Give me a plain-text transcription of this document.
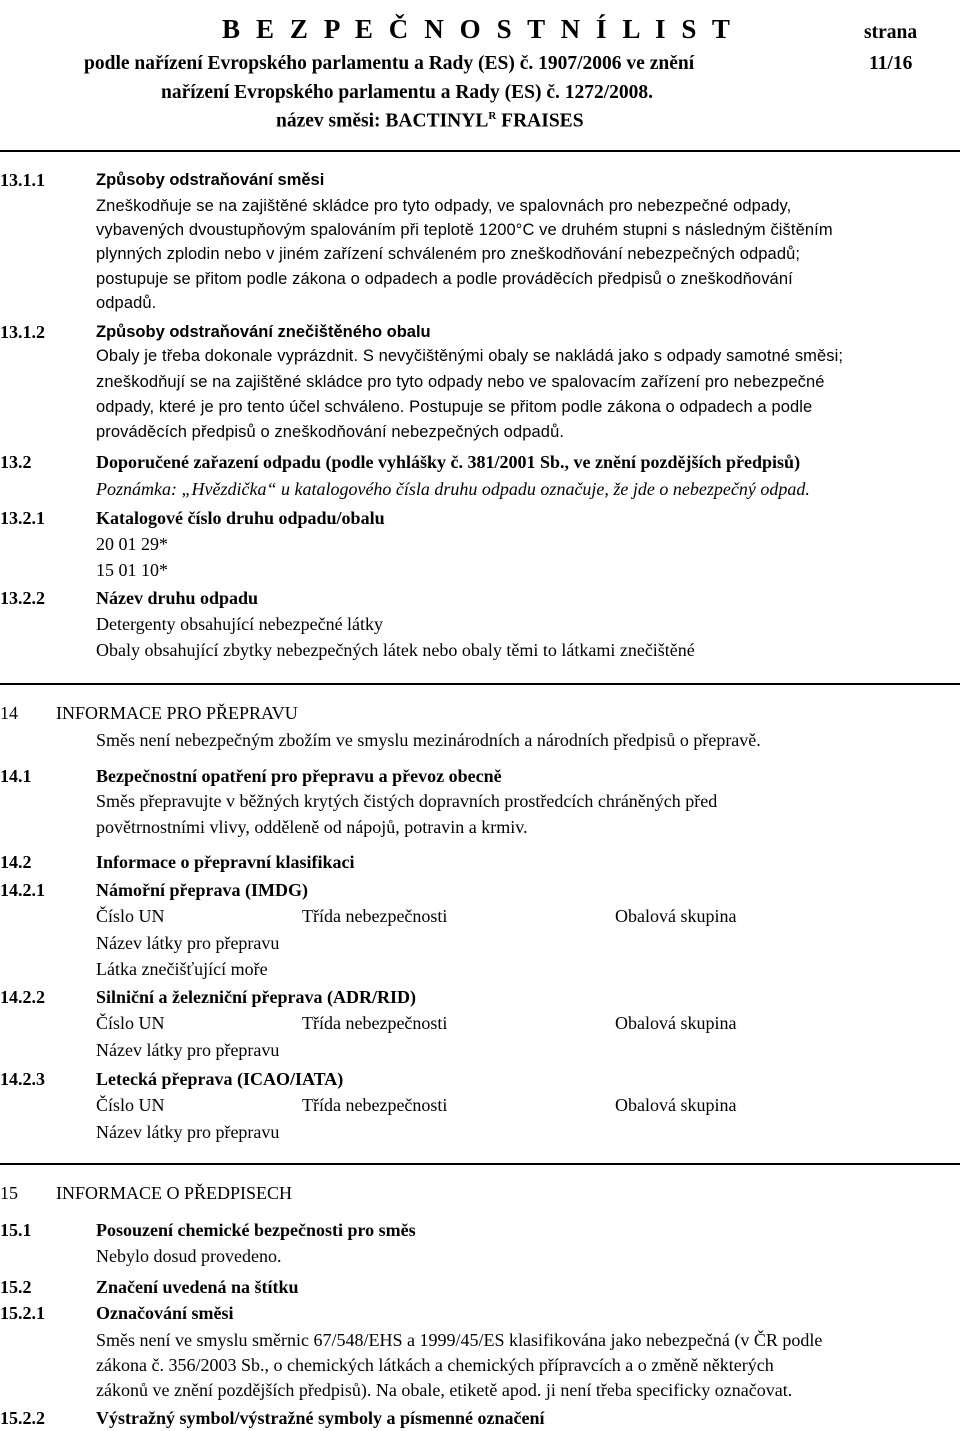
B E Z P E Č N O S T N Í L I S T	strana
podle nařízení Evropského parlamentu a Rady (ES) č. 1907/2006 ve znění	11/16
nařízení Evropského parlamentu a Rady (ES) č. 1272/2008.
název směsi: $BACTINYL^R$ FRAISES
13.1.1	Způsoby odstraňování směsi
Zneškodňuje se na zajištěné skládce pro tyto odpady, ve spalovnách pro nebezpečné odpady,
vybavených dvoustupňovým spalováním při teplotě 1200°C ve druhém stupni s následným čištěním
plynných zplodin nebo v jiném zařízení schváleném pro zneškodňování nebezpečných odpadů;
postupuje se přitom podle zákona o odpadech a podle prováděcích předpisů o zneškodňování
odpadů.
13.1.2	Způsoby odstraňování znečištěného obalu
Obaly je třeba dokonale vyprázdnit. S nevyčištěnými obaly se nakládá jako s odpady samotné směsi;
zneškodňují se na zajištěné skládce pro tyto odpady nebo ve spalovacím zařízení pro nebezpečné
odpady, které je pro tento účel schváleno. Postupuje se přitom podle zákona o odpadech a podle
prováděcích předpisů o zneškodňování nebezpečných odpadů.
13.2	Doporučené zařazení odpadu (podle vyhlášky č. 381/2001 Sb., ve znění pozdějších předpisů)
Poznámka: „Hvězdička“ u katalogového čísla druhu odpadu označuje, že jde o nebezpečný odpad.
13.2.1	Katalogové číslo druhu odpadu/obalu
20 01 29*
15 01 10*
13.2.2	Název druhu odpadu
Detergenty obsahující nebezpečné látky
Obaly obsahující zbytky nebezpečných látek nebo obaly těmi to látkami znečištěné
14 INFORMACE PRO PŘEPRAVU
Směs není nebezpečným zbožím ve smyslu mezinárodních a národních předpisů o přepravě.
14.1	Bezpečnostní opatření pro přepravu a převoz obecně
Směs přepravujte v běžných krytých čistých dopravních prostředcích chráněných před
povětrnostními vlivy, odděleně od nápojů, potravin a krmiv.
14.2	Informace o přepravní klasifikaci
14.2.1	Námořní přeprava (IMDG)
Číslo UN	Třída nebezpečnosti	Obalová skupina
Název látky pro přepravu
Látka znečišťující moře
14.2.2	Silniční a železniční přeprava (ADR/RID)
Číslo UN	Třída nebezpečnosti	Obalová skupina
Název látky pro přepravu
14.2.3	Letecká přeprava (ICAO/IATA)
Číslo UN	Třída nebezpečnosti	Obalová skupina
Název látky pro přepravu
15 INFORMACE O PŘEDPISECH
15.1	Posouzení chemické bezpečnosti pro směs
Nebylo dosud provedeno.
15.2	Značení uvedená na štítku
15.2.1	Označování směsi
Směs není ve smyslu směrnic 67/548/EHS a 1999/45/ES klasifikována jako nebezpečná (v ČR podle
zákona č. 356/2003 Sb., o chemických látkách a chemických přípravcích a o změně některých
zákonů ve znění pozdějších předpisů). Na obale, etiketě apod. ji není třeba specificky označovat.
15.2.2	Výstražný symbol/výstražné symboly a písmenné označení
